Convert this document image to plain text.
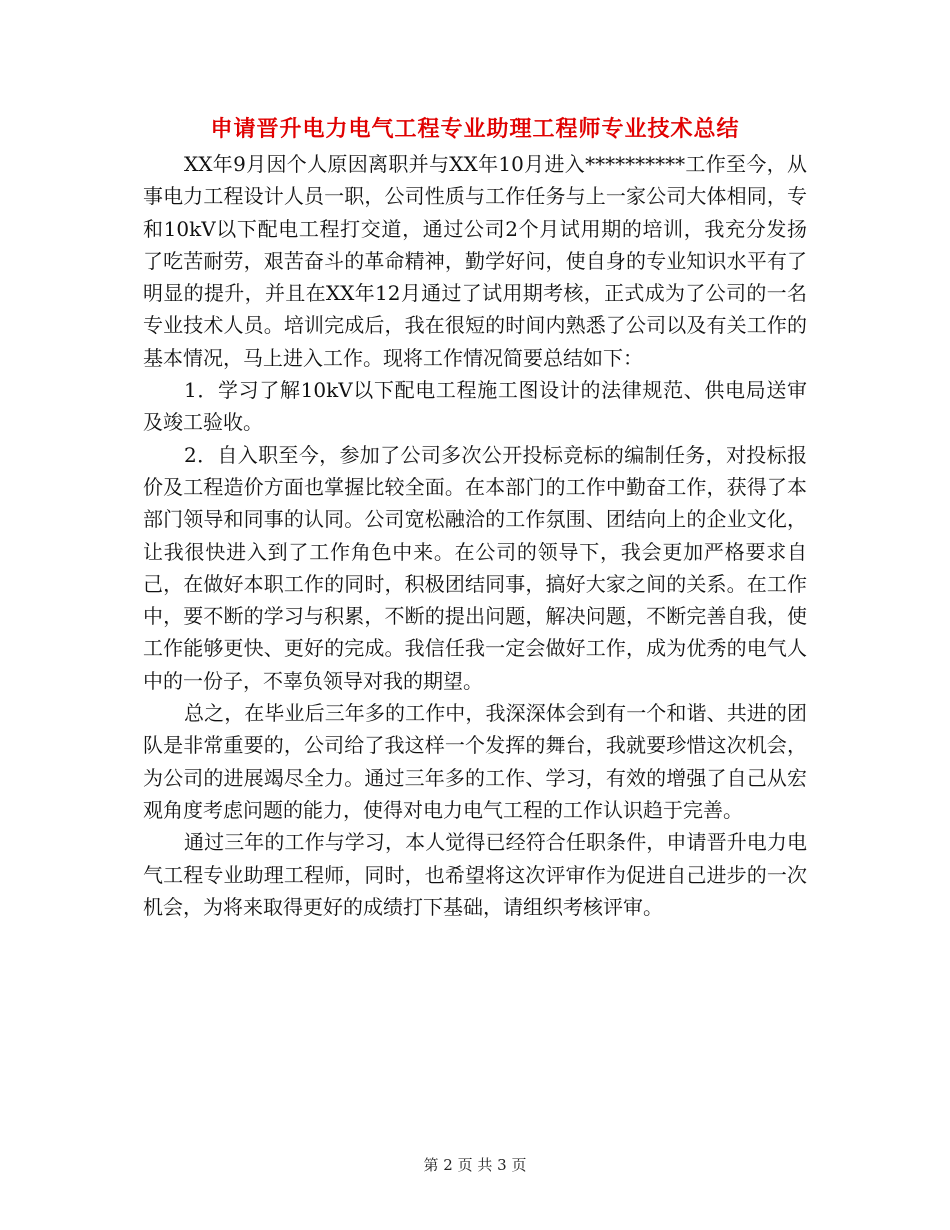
申请晋升电力电气工程专业助理工程师专业技术总结

XX年9月因个人原因离职并与XX年10月进入**********工作至今，从事电力工程设计人员一职，公司性质与工作任务与上一家公司大体相同，专和10kV以下配电工程打交道，通过公司2个月试用期的培训，我充分发扬了吃苦耐劳，艰苦奋斗的革命精神，勤学好问，使自身的专业知识水平有了明显的提升，并且在XX年12月通过了试用期考核，正式成为了公司的一名专业技术人员。培训完成后，我在很短的时间内熟悉了公司以及有关工作的基本情况，马上进入工作。现将工作情况简要总结如下：

1．学习了解10kV以下配电工程施工图设计的法律规范、供电局送审及竣工验收。

2．自入职至今，参加了公司多次公开投标竞标的编制任务，对投标报价及工程造价方面也掌握比较全面。在本部门的工作中勤奋工作，获得了本部门领导和同事的认同。公司宽松融洽的工作氛围、团结向上的企业文化，让我很快进入到了工作角色中来。在公司的领导下，我会更加严格要求自己，在做好本职工作的同时，积极团结同事，搞好大家之间的关系。在工作中，要不断的学习与积累，不断的提出问题，解决问题，不断完善自我，使工作能够更快、更好的完成。我信任我一定会做好工作，成为优秀的电气人中的一份子，不辜负领导对我的期望。

总之，在毕业后三年多的工作中，我深深体会到有一个和谐、共进的团队是非常重要的，公司给了我这样一个发挥的舞台，我就要珍惜这次机会，为公司的进展竭尽全力。通过三年多的工作、学习，有效的增强了自己从宏观角度考虑问题的能力，使得对电力电气工程的工作认识趋于完善。

通过三年的工作与学习，本人觉得已经符合任职条件，申请晋升电力电气工程专业助理工程师，同时，也希望将这次评审作为促进自己进步的一次机会，为将来取得更好的成绩打下基础，请组织考核评审。

第 2 页 共 3 页
